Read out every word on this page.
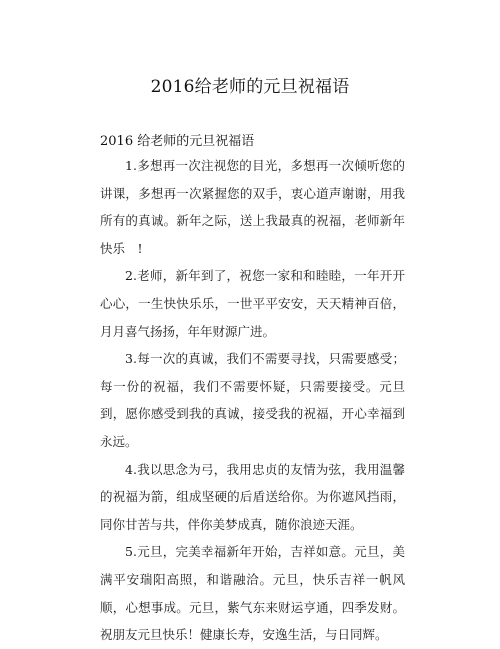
2016给老师的元旦祝福语
2016 给老师的元旦祝福语

1.多想再一次注视您的目光，多想再一次倾听您的讲课，多想再一次紧握您的双手，衷心道声谢谢，用我所有的真诚。新年之际，送上我最真的祝福，老师新年快乐　!

2.老师，新年到了，祝您一家和和睦睦，一年开开心心，一生快快乐乐，一世平平安安，天天精神百倍，月月喜气扬扬，年年财源广进。

3.每一次的真诚，我们不需要寻找，只需要感受；每一份的祝福，我们不需要怀疑，只需要接受。元旦到，愿你感受到我的真诚，接受我的祝福，开心幸福到永远。

4.我以思念为弓，我用忠贞的友情为弦，我用温馨的祝福为箭，组成坚硬的后盾送给你。为你遮风挡雨，同你甘苦与共，伴你美梦成真，随你浪迹天涯。

5.元旦，完美幸福新年开始，吉祥如意。元旦，美满平安瑞阳高照，和谐融洽。元旦，快乐吉祥一帆风顺，心想事成。元旦，紫气东来财运亨通，四季发财。祝朋友元旦快乐！健康长寿，安逸生活，与日同辉。
